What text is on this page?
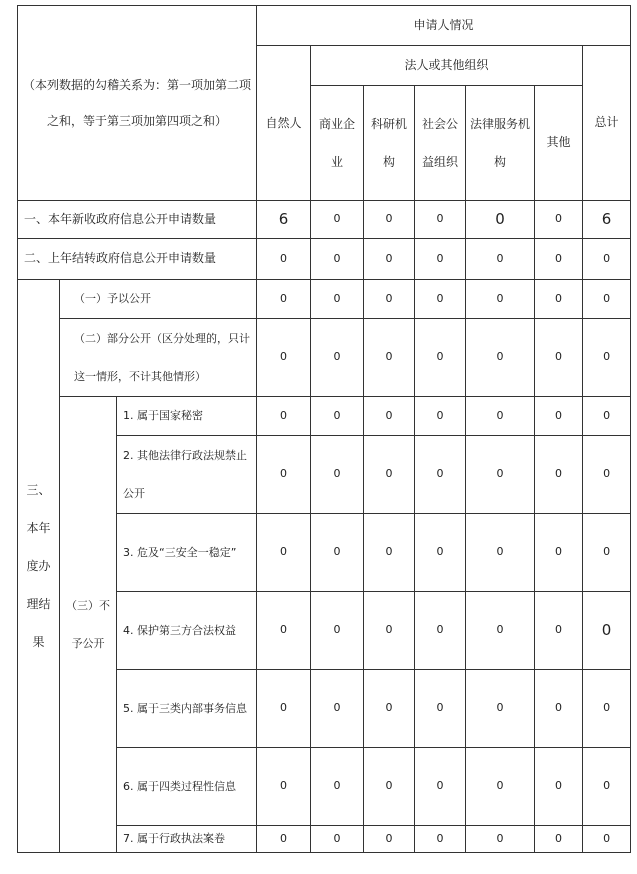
（本列数据的勾稽关系为：第一项加第二项之和，等于第三项加第四项之和）			申请人情况						
			自然人	法人或其他组织					总计
				商业企业	科研机构	社会公益组织	法律服务机构	其他	
一、本年新收政府信息公开申请数量			6	0	0	0	0	0	6
二、上年结转政府信息公开申请数量			0	0	0	0	0	0	0
三、本年度办理结果	（一）予以公开		0	0	0	0	0	0	0
	（二）部分公开（区分处理的，只计这一情形，不计其他情形）		0	0	0	0	0	0	0
	（三）不予公开	1. 属于国家秘密	0	0	0	0	0	0	0
		2. 其他法律行政法规禁止公开	0	0	0	0	0	0	0
		3. 危及“三安全一稳定”	0	0	0	0	0	0	0
		4. 保护第三方合法权益	0	0	0	0	0	0	0
		5. 属于三类内部事务信息	0	0	0	0	0	0	0
		6. 属于四类过程性信息	0	0	0	0	0	0	0
		7. 属于行政执法案卷	0	0	0	0	0	0	0
